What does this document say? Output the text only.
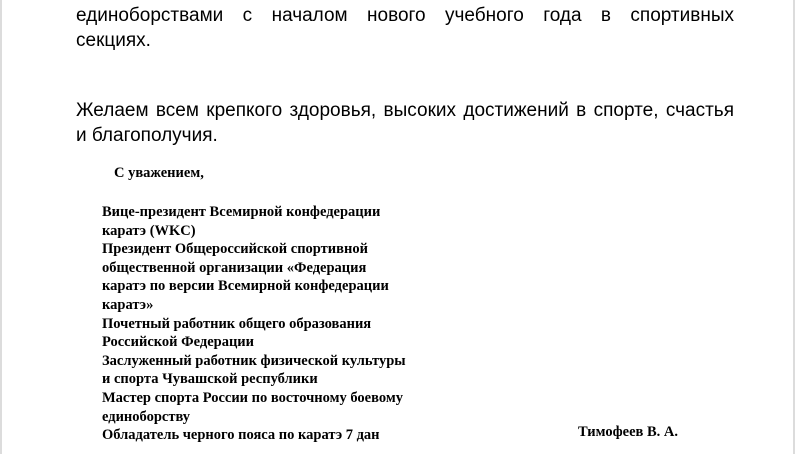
единоборствами с началом нового учебного года в спортивных
секциях.

Желаем всем крепкого здоровья, высоких достижений в спорте, счастья
и благополучия.

С уважением,

Вице-президент Всемирной конфедерации
каратэ (WKC)
Президент Общероссийской спортивной
общественной организации «Федерация
каратэ по версии Всемирной конфедерации
каратэ»
Почетный работник общего образования
Российской Федерации
Заслуженный работник физической культуры
и спорта Чувашской республики
Мастер спорта России по восточному боевому
единоборству
Обладатель черного пояса по каратэ 7 дан	Тимофеев В. А.
